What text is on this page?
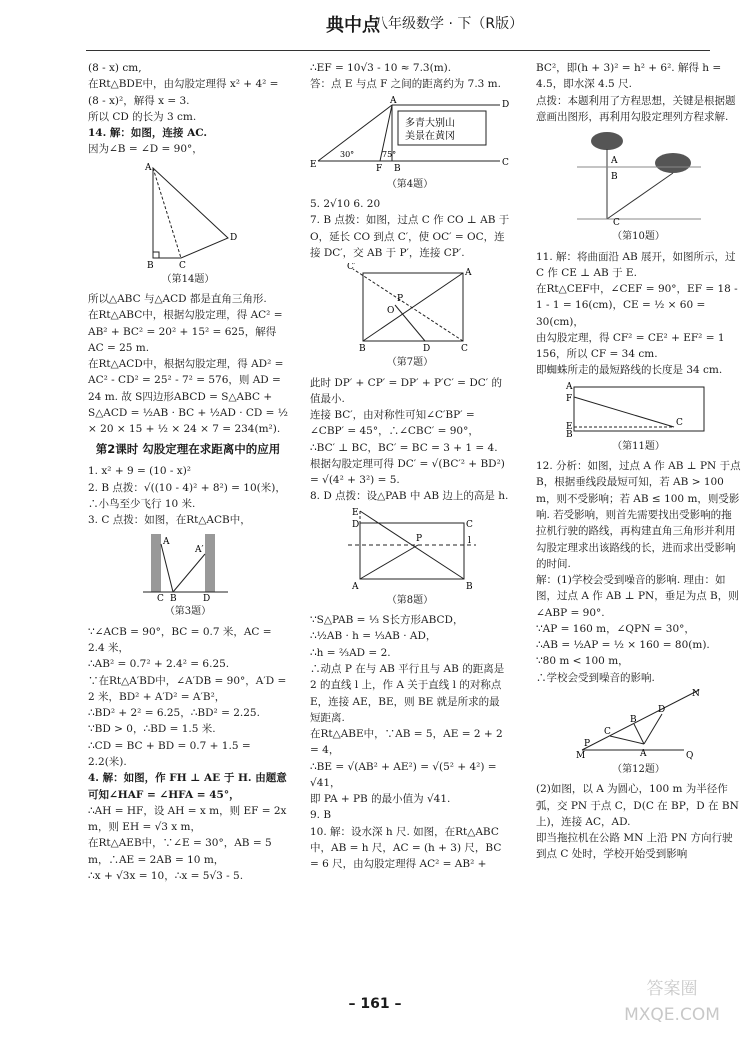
典中点
八年级数学 · 下（R版）

(8 - x) cm,

在Rt△BDE中，由勾股定理得 x² + 4² = (8 - x)²，解得 x = 3.

所以 CD 的长为 3 cm.

14. 解：如图，连接 AC.

因为∠B = ∠D = 90°，

A
B	C
D

（第14题）

所以△ABC 与△ACD 都是直角三角形.

在Rt△ABC中，根据勾股定理，得 AC² = AB² + BC² = 20² + 15² = 625，解得 AC = 25 m.

在Rt△ACD中，根据勾股定理，得 AD² = AC² - CD² = 25² - 7² = 576，则 AD = 24 m. 故 S四边形ABCD = S△ABC + S△ACD = ½AB · BC + ½AD · CD = ½ × 20 × 15 + ½ × 24 × 7 = 234(m²).

第2课时 勾股定理在求距离中的应用

1. x² + 9 = (10 - x)²

2. B 点拨：√((10 - 4)² + 8²) = 10(米)，∴小鸟至少飞行 10 米.

3. C 点拨：如图，在Rt△ACB中，

A
A′
C B	D

（第3题）

∵∠ACB = 90°，BC = 0.7 米，AC = 2.4 米，

∴AB² = 0.7² + 2.4² = 6.25.

∵在Rt△A′BD中，∠A′DB = 90°，A′D = 2 米，BD² + A′D² = A′B²，

∴BD² + 2² = 6.25，∴BD² = 2.25.

∵BD > 0，∴BD = 1.5 米.

∴CD = BC + BD = 0.7 + 1.5 = 2.2(米).

4. 解：如图，作 FH ⊥ AE 于 H. 由题意可知∠HAF = ∠HFA = 45°，

∴AH = HF，设 AH = x m，则 EF = 2x m，则 EH = √3 x m，

在Rt△AEB中，∵∠E = 30°，AB = 5 m，∴AE = 2AB = 10 m，

∴x + √3x = 10，∴x = 5√3 - 5.

∴EF = 10√3 - 10 ≈ 7.3(m).

答：点 E 与点 F 之间的距离约为 7.3 m.

多青大别山
美景在黄冈
E	F B
A
C
D
30°	75°

（第4题）

5. 2√10 6. 20

7. B 点拨：如图，过点 C 作 CO ⊥ AB 于 O，延长 CO 到点 C′，使 OC′ = OC，连接 DC′，交 AB 于 P′，连接 CP′.

C′
A
B	D	C
P
O

（第7题）

此时 DP′ + CP′ = DP′ + P′C′ = DC′ 的值最小.

连接 BC′，由对称性可知∠C′BP′ = ∠CBP′ = 45°，∴∠CBC′ = 90°，

∴BC′ ⊥ BC，BC′ = BC = 3 + 1 = 4.

根据勾股定理可得 DC′ = √(BC′² + BD²) = √(4² + 3²) = 5.

8. D 点拨：设△PAB 中 AB 边上的高是 h.

E
D	C
P	l
A	B

（第8题）

∵S△PAB = ⅓ S长方形ABCD，

∴½AB · h = ⅓AB · AD，

∴h = ⅔AD = 2.

∴动点 P 在与 AB 平行且与 AB 的距离是 2 的直线 l 上，作 A 关于直线 l 的对称点 E，连接 AE，BE，则 BE 就是所求的最短距离.

在Rt△ABE中，∵AB = 5，AE = 2 + 2 = 4，

∴BE = √(AB² + AE²) = √(5² + 4²) = √41，

即 PA + PB 的最小值为 √41.

9. B

10. 解：设水深 h 尺. 如图，在Rt△ABC中，AB = h 尺，AC = (h + 3) 尺，BC = 6 尺，由勾股定理得 AC² = AB² +

BC²，即(h + 3)² = h² + 6². 解得 h = 4.5，即水深 4.5 尺.

点拨：本题利用了方程思想，关键是根据题意画出图形，再利用勾股定理列方程求解.

A
B
C

（第10题）

11. 解：将曲面沿 AB 展开，如图所示，过 C 作 CE ⊥ AB 于 E.

在Rt△CEF中，∠CEF = 90°，EF = 18 - 1 - 1 = 16(cm)，CE = ½ × 60 = 30(cm)，

由勾股定理，得 CF² = CE² + EF² = 1 156，所以 CF = 34 cm.

即蜘蛛所走的最短路线的长度是 34 cm.

A
F
E
B
C

（第11题）

12. 分析：如图，过点 A 作 AB ⊥ PN 于点 B，根据垂线段最短可知，若 AB > 100 m，则不受影响；若 AB ≤ 100 m，则受影响. 若受影响，则首先需要找出受影响的拖拉机行驶的路线，再构建直角三角形并利用勾股定理求出该路线的长，进而求出受影响的时间.

解：(1)学校会受到噪音的影响. 理由：如图，过点 A 作 AB ⊥ PN，垂足为点 B，则∠ABP = 90°.

∵AP = 160 m，∠QPN = 30°，

∴AB = ½AP = ½ × 160 = 80(m).

∵80 m < 100 m，

∴学校会受到噪音的影响.

M
P
N
Q
A
B
C
D

（第12题）

(2)如图，以 A 为圆心，100 m 为半径作弧，交 PN 于点 C，D(C 在 BP，D 在 BN 上)，连接 AC，AD.

即当拖拉机在公路 MN 上沿 PN 方向行驶到点 C 处时，学校开始受到影响

– 161 –
答案圈 MXQE.COM
